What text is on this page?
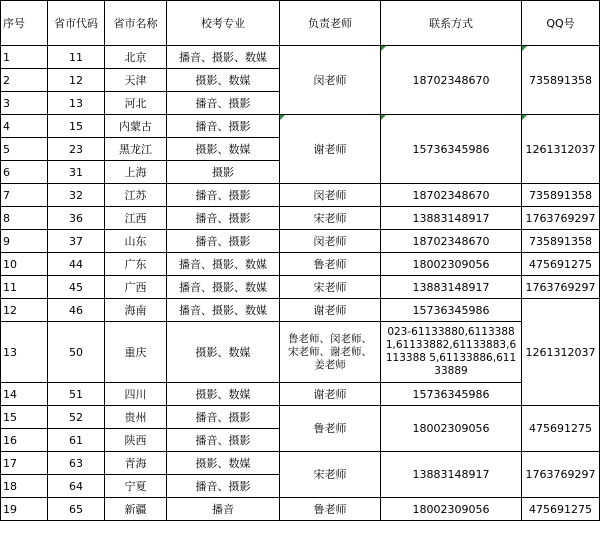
序号	省市代码	省市名称	校考专业	负责老师	联系方式	QQ号
1	11	北京	播音、摄影、数媒	闵老师	18702348670	735891358
2	12	天津	摄影、数媒			
3	13	河北	播音、摄影			
4	15	内蒙古	播音、摄影	谢老师	15736345986	1261312037
5	23	黑龙江	摄影、数媒			
6	31	上海	摄影			
7	32	江苏	播音、摄影	闵老师	18702348670	735891358
8	36	江西	播音、摄影	宋老师	13883148917	1763769297
9	37	山东	播音、摄影	闵老师	18702348670	735891358
10	44	广东	播音、摄影、数媒	鲁老师	18002309056	475691275
11	45	广西	播音、摄影、数媒	宋老师	13883148917	1763769297
12	46	海南	播音、摄影、数媒	谢老师	15736345986	1261312037
13	50	重庆	摄影、数媒	鲁老师、闵老师、宋老师、谢老师、姜老师	023-61133880,61133881,61133882,61133883,6113388 5,61133886,61133889	
14	51	四川	摄影、数媒	谢老师	15736345986	
15	52	贵州	播音、摄影	鲁老师	18002309056	475691275
16	61	陕西	播音、摄影			
17	63	青海	摄影、数媒	宋老师	13883148917	1763769297
18	64	宁夏	播音、摄影			
19	65	新疆	播音	鲁老师	18002309056	475691275
